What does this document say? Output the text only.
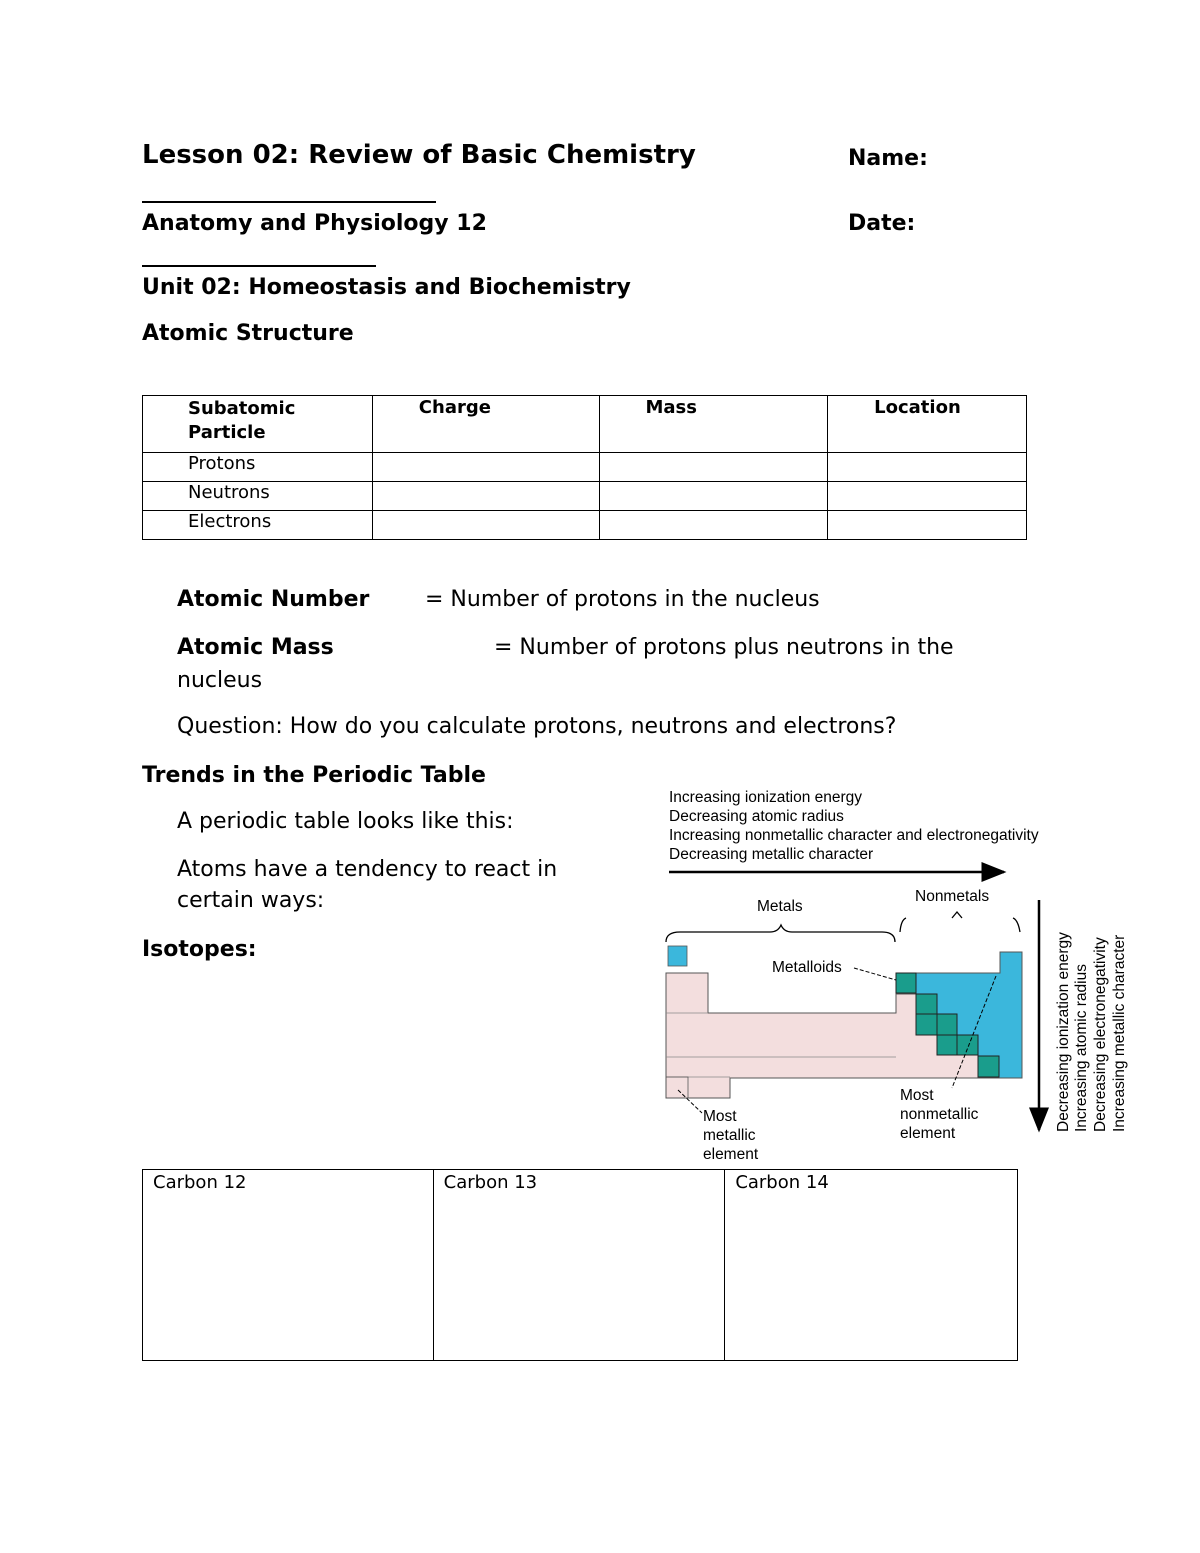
Lesson 02: Review of Basic Chemistry	Name:
Anatomy and Physiology 12	Date:
Unit 02: Homeostasis and Biochemistry
Atomic Structure
Subatomic
Particle	Charge	Mass	Location

Protons			

Neutrons			

Electrons			

Atomic Number	= Number of protons in the nucleus
Atomic Mass	= Number of protons plus neutrons in the
nucleus
Question: How do you calculate protons, neutrons and electrons?
Trends in the Periodic Table
A periodic table looks like this:
Atoms have a tendency to react in
certain ways:
Isotopes:
Increasing ionization energy
Decreasing atomic radius
Increasing nonmetallic character and electronegativity
Decreasing metallic character
Metals
Nonmetals
Metalloids
Most
metallic
element
Most
nonmetallic
element
Decreasing ionization energy Increasing atomic radius Decreasing electronegativity Increasing metallic character
Carbon 12	Carbon 13	Carbon 14
